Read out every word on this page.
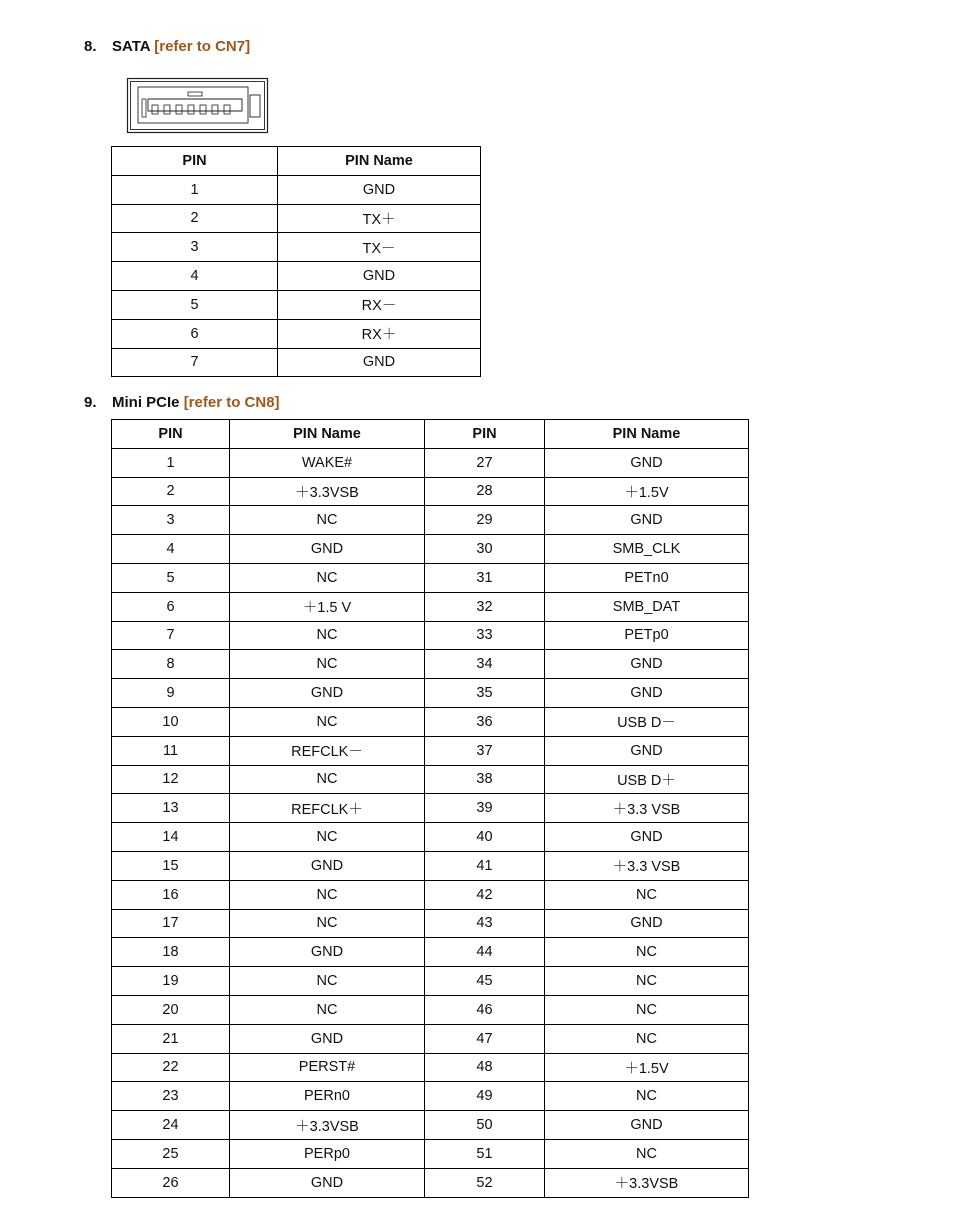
8. SATA [refer to CN7]
PIN	PIN Name
1	GND
2	TX＋
3	TX－
4	GND
5	RX－
6	RX＋
7	GND
9. Mini PCIe [refer to CN8]
PIN	PIN Name	PIN	PIN Name
1	WAKE#	27	GND
2	＋3.3VSB	28	＋1.5V
3	NC	29	GND
4	GND	30	SMB_CLK
5	NC	31	PETn0
6	＋1.5 V	32	SMB_DAT
7	NC	33	PETp0
8	NC	34	GND
9	GND	35	GND
10	NC	36	USB D－
11	REFCLK－	37	GND
12	NC	38	USB D＋
13	REFCLK＋	39	＋3.3 VSB
14	NC	40	GND
15	GND	41	＋3.3 VSB
16	NC	42	NC
17	NC	43	GND
18	GND	44	NC
19	NC	45	NC
20	NC	46	NC
21	GND	47	NC
22	PERST#	48	＋1.5V
23	PERn0	49	NC
24	＋3.3VSB	50	GND
25	PERp0	51	NC
26	GND	52	＋3.3VSB
